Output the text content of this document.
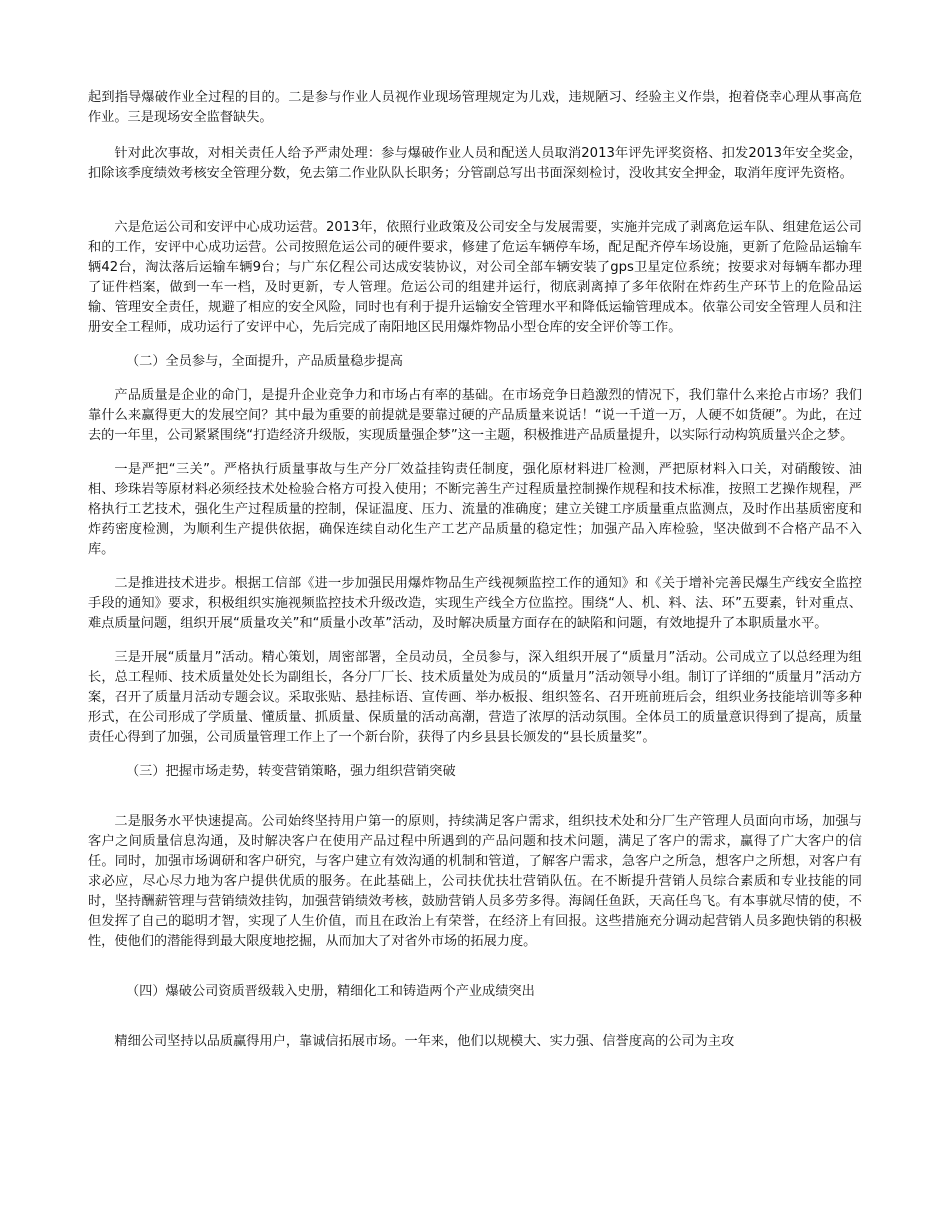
起到指导爆破作业全过程的目的。二是参与作业人员视作业现场管理规定为儿戏，违规陋习、经验主义作祟，抱着侥幸心理从事高危作业。三是现场安全监督缺失。

针对此次事故，对相关责任人给予严肃处理：参与爆破作业人员和配送人员取消2013年评先评奖资格、扣发2013年安全奖金，扣除该季度绩效考核安全管理分数，免去第二作业队队长职务；分管副总写出书面深刻检讨，没收其安全押金，取消年度评先资格。

六是危运公司和安评中心成功运营。2013年，依照行业政策及公司安全与发展需要，实施并完成了剥离危运车队、组建危运公司和的工作，安评中心成功运营。公司按照危运公司的硬件要求，修建了危运车辆停车场，配足配齐停车场设施，更新了危险品运输车辆42台，淘汰落后运输车辆9台；与广东亿程公司达成安装协议，对公司全部车辆安装了gps卫星定位系统；按要求对每辆车都办理了证件档案，做到一车一档，及时更新，专人管理。危运公司的组建并运行，彻底剥离掉了多年依附在炸药生产环节上的危险品运输、管理安全责任，规避了相应的安全风险，同时也有利于提升运输安全管理水平和降低运输管理成本。依靠公司安全管理人员和注册安全工程师，成功运行了安评中心，先后完成了南阳地区民用爆炸物品小型仓库的安全评价等工作。

（二）全员参与，全面提升，产品质量稳步提高

产品质量是企业的命门，是提升企业竞争力和市场占有率的基础。在市场竞争日趋激烈的情况下，我们靠什么来抢占市场？我们靠什么来赢得更大的发展空间？其中最为重要的前提就是要靠过硬的产品质量来说话！“说一千道一万，人硬不如货硬”。为此，在过去的一年里，公司紧紧围绕“打造经济升级版，实现质量强企梦”这一主题，积极推进产品质量提升，以实际行动构筑质量兴企之梦。

一是严把“三关”。严格执行质量事故与生产分厂效益挂钩责任制度，强化原材料进厂检测，严把原材料入口关，对硝酸铵、油相、珍珠岩等原材料必须经技术处检验合格方可投入使用；不断完善生产过程质量控制操作规程和技术标准，按照工艺操作规程，严格执行工艺技术，强化生产过程质量的控制，保证温度、压力、流量的准确度；建立关键工序质量重点监测点，及时作出基质密度和炸药密度检测，为顺利生产提供依据，确保连续自动化生产工艺产品质量的稳定性；加强产品入库检验，坚决做到不合格产品不入库。

二是推进技术进步。根据工信部《进一步加强民用爆炸物品生产线视频监控工作的通知》和《关于增补完善民爆生产线安全监控手段的通知》要求，积极组织实施视频监控技术升级改造，实现生产线全方位监控。围绕“人、机、料、法、环”五要素，针对重点、难点质量问题，组织开展“质量攻关”和“质量小改革”活动，及时解决质量方面存在的缺陷和问题，有效地提升了本职质量水平。

三是开展“质量月”活动。精心策划，周密部署，全员动员，全员参与，深入组织开展了“质量月”活动。公司成立了以总经理为组长，总工程师、技术质量处处长为副组长，各分厂厂长、技术质量处为成员的“质量月”活动领导小组。制订了详细的“质量月”活动方案，召开了质量月活动专题会议。采取张贴、悬挂标语、宣传画、举办板报、组织签名、召开班前班后会，组织业务技能培训等多种形式，在公司形成了学质量、懂质量、抓质量、保质量的活动高潮，营造了浓厚的活动氛围。全体员工的质量意识得到了提高，质量责任心得到了加强，公司质量管理工作上了一个新台阶，获得了内乡县县长颁发的“县长质量奖”。

（三）把握市场走势，转变营销策略，强力组织营销突破

二是服务水平快速提高。公司始终坚持用户第一的原则，持续满足客户需求，组织技术处和分厂生产管理人员面向市场，加强与客户之间质量信息沟通，及时解决客户在使用产品过程中所遇到的产品问题和技术问题，满足了客户的需求，赢得了广大客户的信任。同时，加强市场调研和客户研究，与客户建立有效沟通的机制和管道，了解客户需求，急客户之所急，想客户之所想，对客户有求必应，尽心尽力地为客户提供优质的服务。在此基础上，公司扶优扶壮营销队伍。在不断提升营销人员综合素质和专业技能的同时，坚持酬薪管理与营销绩效挂钩，加强营销绩效考核，鼓励营销人员多劳多得。海阔任鱼跃，天高任鸟飞。有本事就尽情的使，不但发挥了自己的聪明才智，实现了人生价值，而且在政治上有荣誉，在经济上有回报。这些措施充分调动起营销人员多跑快销的积极性，使他们的潜能得到最大限度地挖掘，从而加大了对省外市场的拓展力度。

（四）爆破公司资质晋级载入史册，精细化工和铸造两个产业成绩突出

精细公司坚持以品质赢得用户，靠诚信拓展市场。一年来，他们以规模大、实力强、信誉度高的公司为主攻
